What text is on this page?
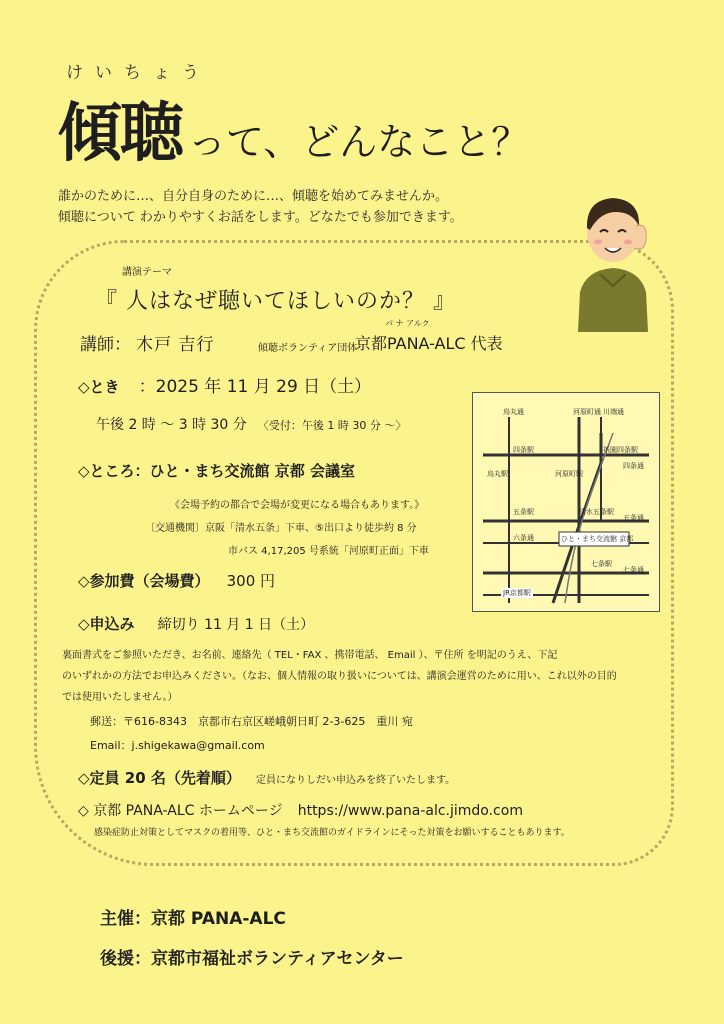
けいちょう
傾聴 って、どんなこと？
誰かのために…、自分自身のために…、傾聴を始めてみませんか。
傾聴について わかりやすくお話をします。どなたでも参加できます。
講演テーマ
『 人はなぜ聴いてほしいのか？ 』
講師： 木戸 吉行	傾聴ボランティア団体
パ ナ アルク
京都PANA-ALC 代表
◇とき ：2025 年 11 月 29 日（土）
午後 2 時 ～ 3 時 30 分 〈受付：午後 1 時 30 分 ～〉
◇ところ：ひと・まち交流館 京都 会議室
《会場予約の都合で会場が変更になる場合もあります。》
〔交通機関〕京阪「清水五条」下車、⑤出口より徒歩約 8 分
市バス 4,17,205 号系統「河原町正面」下車
烏丸通	河原町通 川端通
烏丸駅
四条駅	祇園四条駅
河原町駅
五条駅	清水五条駅
七条駅
JR京都駅
四条通
五条通
六条通
七条通
ひと・まち交流館 京都
◇参加費（会場費） 300 円
◇申込み 締切り 11 月 1 日（土）
裏面書式をご参照いただき、お名前、連絡先（ TEL・FAX 、携帯電話、 Email ）、〒住所 を明記のうえ、下記
のいずれかの方法でお申込みください。（なお、個人情報の取り扱いについては、講演会運営のために用い、これ以外の目的
では使用いたしません。）
郵送：〒616-8343　京都市右京区嵯峨朝日町 2-3-625　重川 宛
Email：j.shigekawa@gmail.com
◇定員 20 名（先着順） 定員になりしだい申込みを終了いたします。
◇ 京都 PANA-ALC ホームページ https://www.pana-alc.jimdo.com
感染症防止対策としてマスクの着用等、ひと・まち交流館のガイドラインにそった対策をお願いすることもあります。
主催：京都 PANA-ALC
後援：京都市福祉ボランティアセンター
